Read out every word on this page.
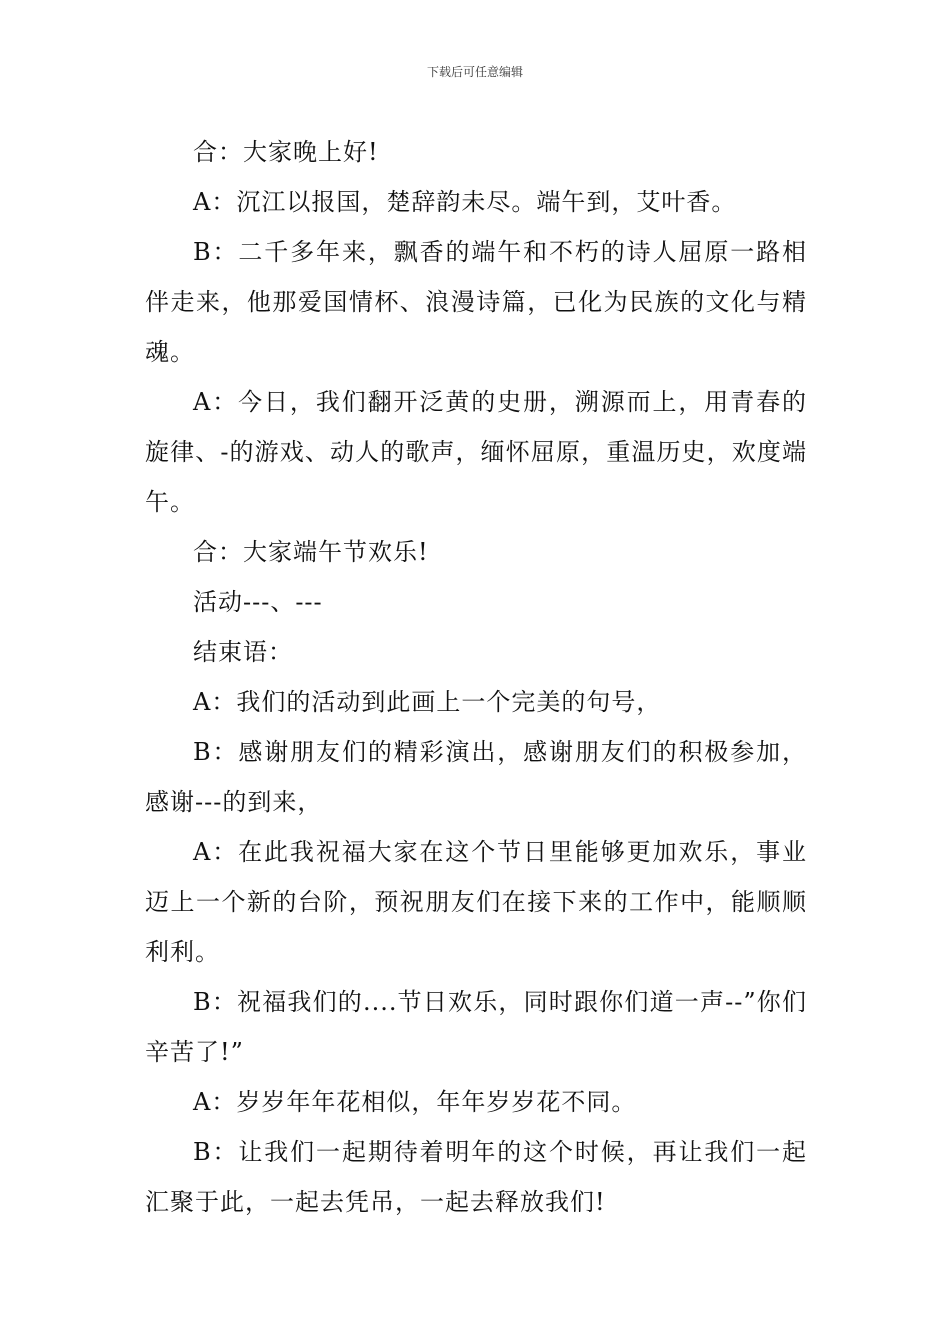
下载后可任意编辑

合：大家晚上好!

A：沉江以报国，楚辞韵未尽。端午到，艾叶香。

B：二千多年来，飘香的端午和不朽的诗人屈原一路相伴走来，他那爱国情杯、浪漫诗篇，已化为民族的文化与精魂。

A：今日，我们翻开泛黄的史册，溯源而上，用青春的旋律、-的游戏、动人的歌声，缅怀屈原，重温历史，欢度端午。

合：大家端午节欢乐!

活动---、---

结束语：

A：我们的活动到此画上一个完美的句号，

B：感谢朋友们的精彩演出，感谢朋友们的积极参加，感谢---的到来，

A：在此我祝福大家在这个节日里能够更加欢乐，事业迈上一个新的台阶，预祝朋友们在接下来的工作中，能顺顺利利。

B：祝福我们的....节日欢乐，同时跟你们道一声--”你们辛苦了!”

A：岁岁年年花相似，年年岁岁花不同。

B：让我们一起期待着明年的这个时候，再让我们一起汇聚于此，一起去凭吊，一起去释放我们!
